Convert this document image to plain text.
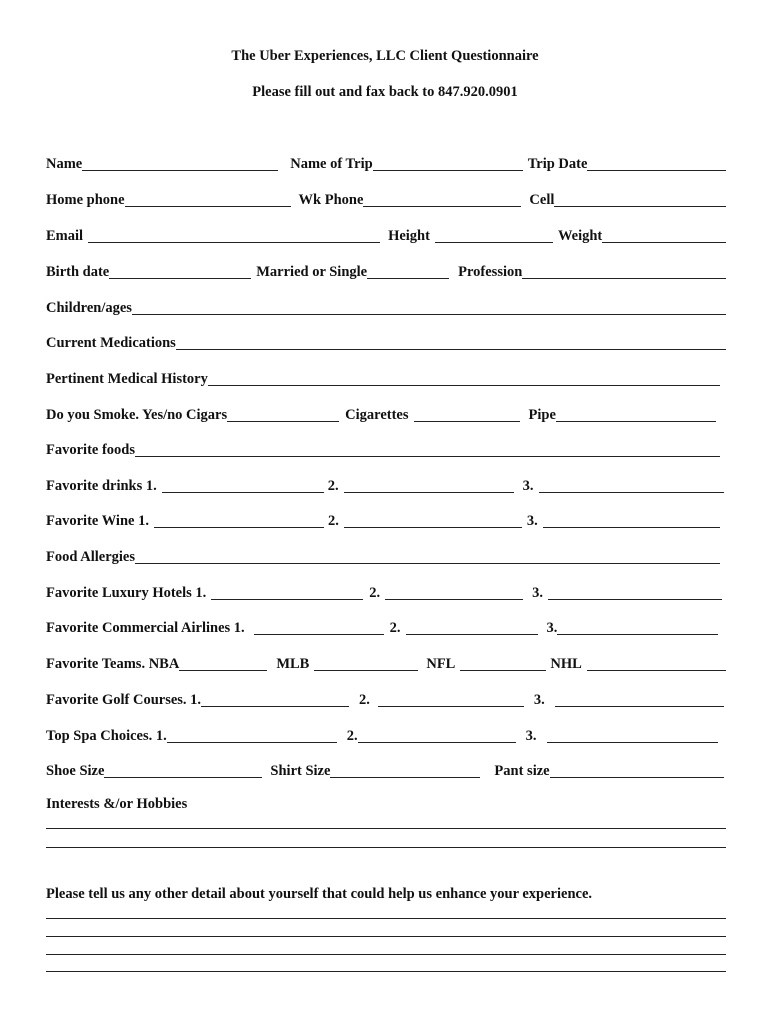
The Uber Experiences, LLC Client Questionnaire
Please fill out and fax back to 847.920.0901
Name	Name of Trip	Trip Date
Home phone	Wk Phone	Cell
Email	Height	Weight
Birth date	Married or Single	Profession
Children/ages
Current Medications
Pertinent Medical History
Do you Smoke. Yes/no Cigars	Cigarettes	Pipe
Favorite foods
Favorite drinks 1.	2.	3.
Favorite Wine 1.	2.	3.
Food Allergies
Favorite Luxury Hotels 1.	2.	3.
Favorite Commercial Airlines 1.	2.	3.
Favorite Teams. NBA	MLB	NFL	NHL
Favorite Golf Courses. 1.	2.	3.
Top Spa Choices. 1.	2.	3.
Shoe Size	Shirt Size	Pant size
Interests &/or Hobbies
Please tell us any other detail about yourself that could help us enhance your experience.
